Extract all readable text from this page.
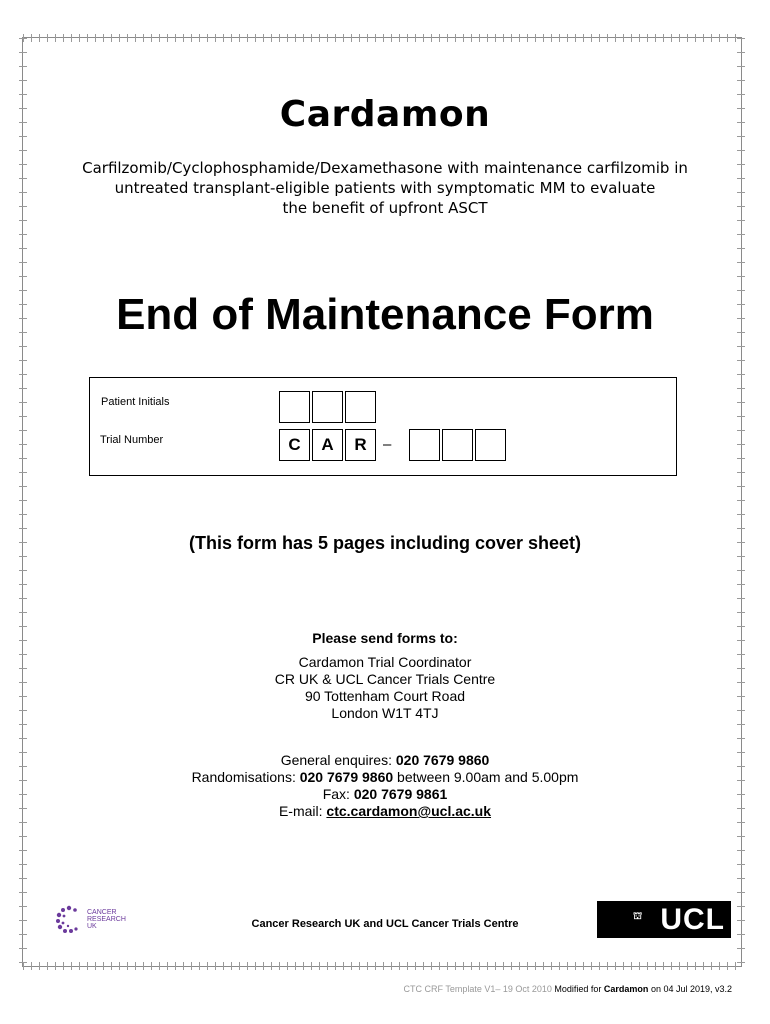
Cardamon
Carfilzomib/Cyclophosphamide/Dexamethasone with maintenance carfilzomib in
untreated transplant-eligible patients with symptomatic MM to evaluate
the benefit of upfront ASCT
End of Maintenance Form
Patient Initials
Trial Number	C	A	R	–
(This form has 5 pages including cover sheet)
Please send forms to:
Cardamon Trial Coordinator
CR UK & UCL Cancer Trials Centre
90 Tottenham Court Road
London W1T 4TJ
General enquires: 020 7679 9860
Randomisations: 020 7679 9860 between 9.00am and 5.00pm
Fax: 020 7679 9861
E-mail: ctc.cardamon@ucl.ac.uk
CANCER
RESEARCH
UK	Cancer Research UK and UCL Cancer Trials Centre
⛫ UCL
CTC CRF Template V1– 19 Oct 2010 Modified for Cardamon on 04 Jul 2019, v3.2
